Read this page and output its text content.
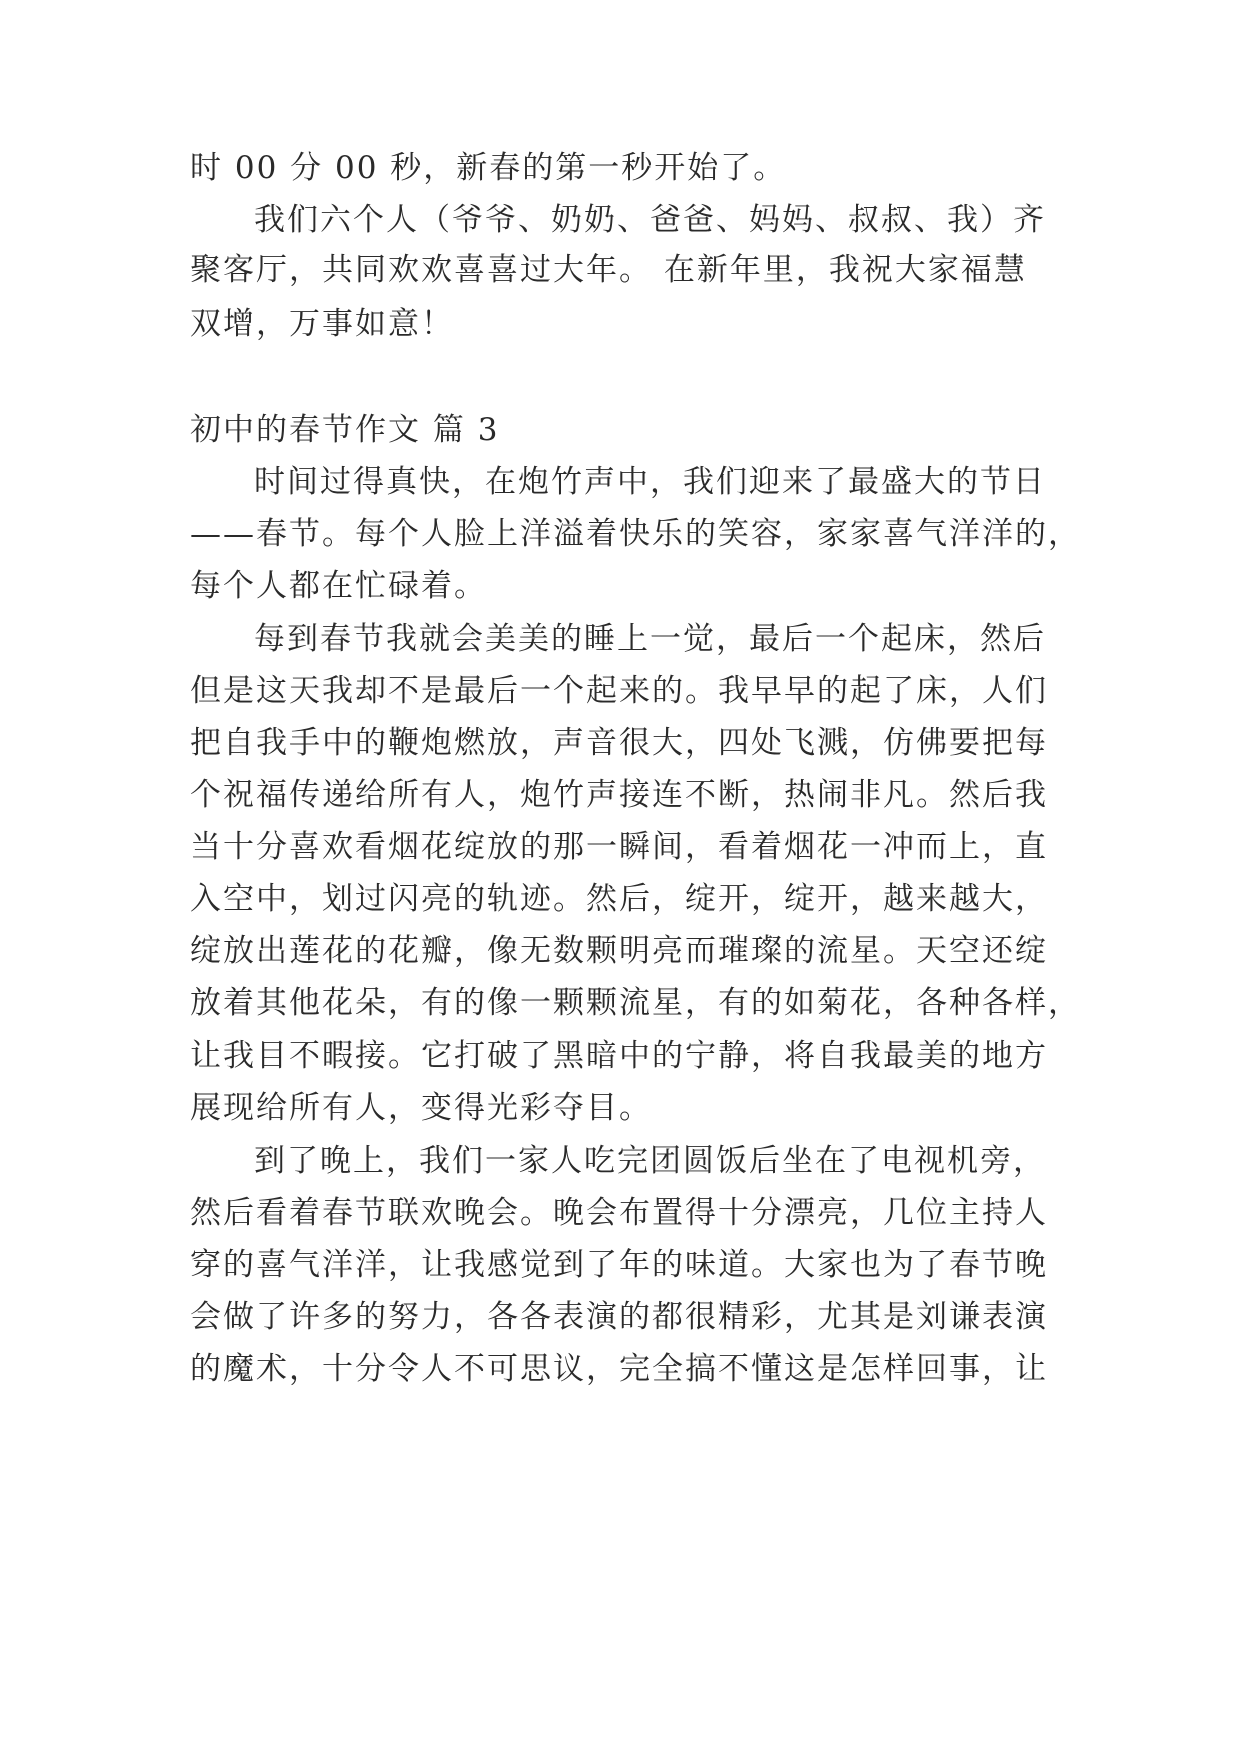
时 00 分 00 秒，新春的第一秒开始了。
我们六个人（爷爷、奶奶、爸爸、妈妈、叔叔、我）齐
聚客厅，共同欢欢喜喜过大年。 在新年里，我祝大家福慧
双增，万事如意！
初中的春节作文 篇 3
时间过得真快，在炮竹声中，我们迎来了最盛大的节日
——春节。每个人脸上洋溢着快乐的笑容，家家喜气洋洋的，
每个人都在忙碌着。
每到春节我就会美美的睡上一觉，最后一个起床，然后
但是这天我却不是最后一个起来的。我早早的起了床，人们
把自我手中的鞭炮燃放，声音很大，四处飞溅，仿佛要把每
个祝福传递给所有人，炮竹声接连不断，热闹非凡。然后我
当十分喜欢看烟花绽放的那一瞬间，看着烟花一冲而上，直
入空中，划过闪亮的轨迹。然后，绽开，绽开，越来越大，
绽放出莲花的花瓣，像无数颗明亮而璀璨的流星。天空还绽
放着其他花朵，有的像一颗颗流星，有的如菊花，各种各样，
让我目不暇接。它打破了黑暗中的宁静，将自我最美的地方
展现给所有人，变得光彩夺目。
到了晚上，我们一家人吃完团圆饭后坐在了电视机旁，
然后看着春节联欢晚会。晚会布置得十分漂亮，几位主持人
穿的喜气洋洋，让我感觉到了年的味道。大家也为了春节晚
会做了许多的努力，各各表演的都很精彩，尤其是刘谦表演
的魔术，十分令人不可思议，完全搞不懂这是怎样回事，让
